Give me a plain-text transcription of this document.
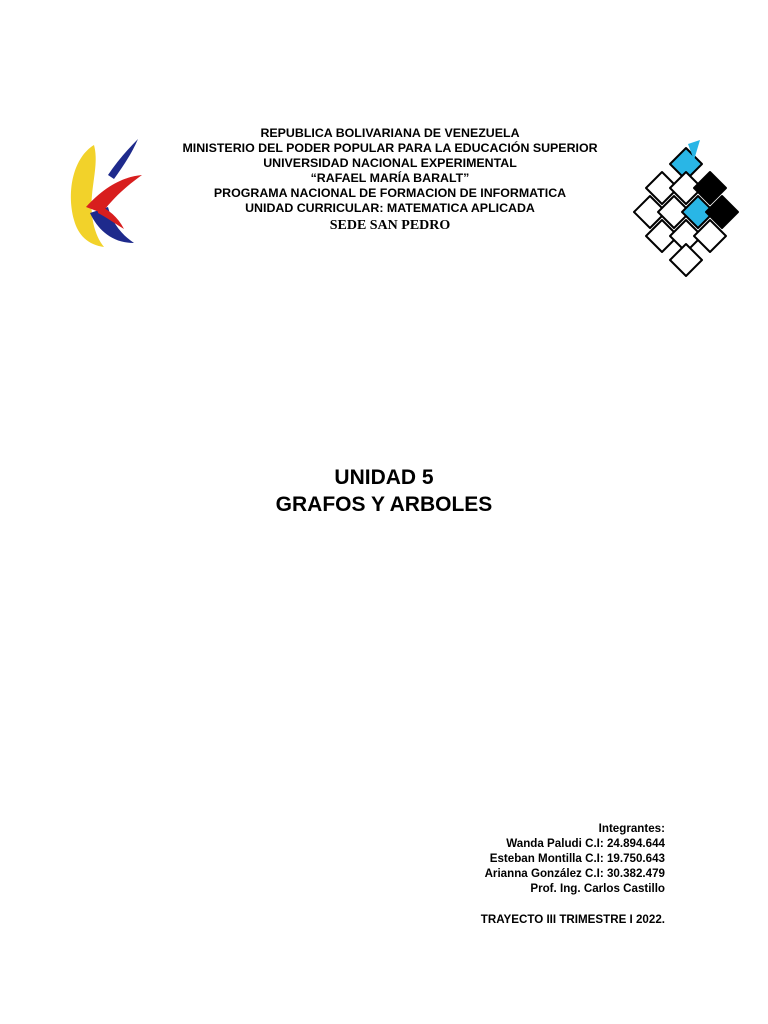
REPUBLICA BOLIVARIANA DE VENEZUELA
MINISTERIO DEL PODER POPULAR PARA LA EDUCACIÓN SUPERIOR
UNIVERSIDAD NACIONAL EXPERIMENTAL
“RAFAEL MARÍA BARALT”
PROGRAMA NACIONAL DE FORMACION DE INFORMATICA
UNIDAD CURRICULAR: MATEMATICA APLICADA
SEDE SAN PEDRO
UNIDAD 5
GRAFOS Y ARBOLES
Integrantes:
Wanda Paludi C.I: 24.894.644
Esteban Montilla C.I: 19.750.643
Arianna González C.I: 30.382.479
Prof. Ing. Carlos Castillo
TRAYECTO III TRIMESTRE I 2022.
